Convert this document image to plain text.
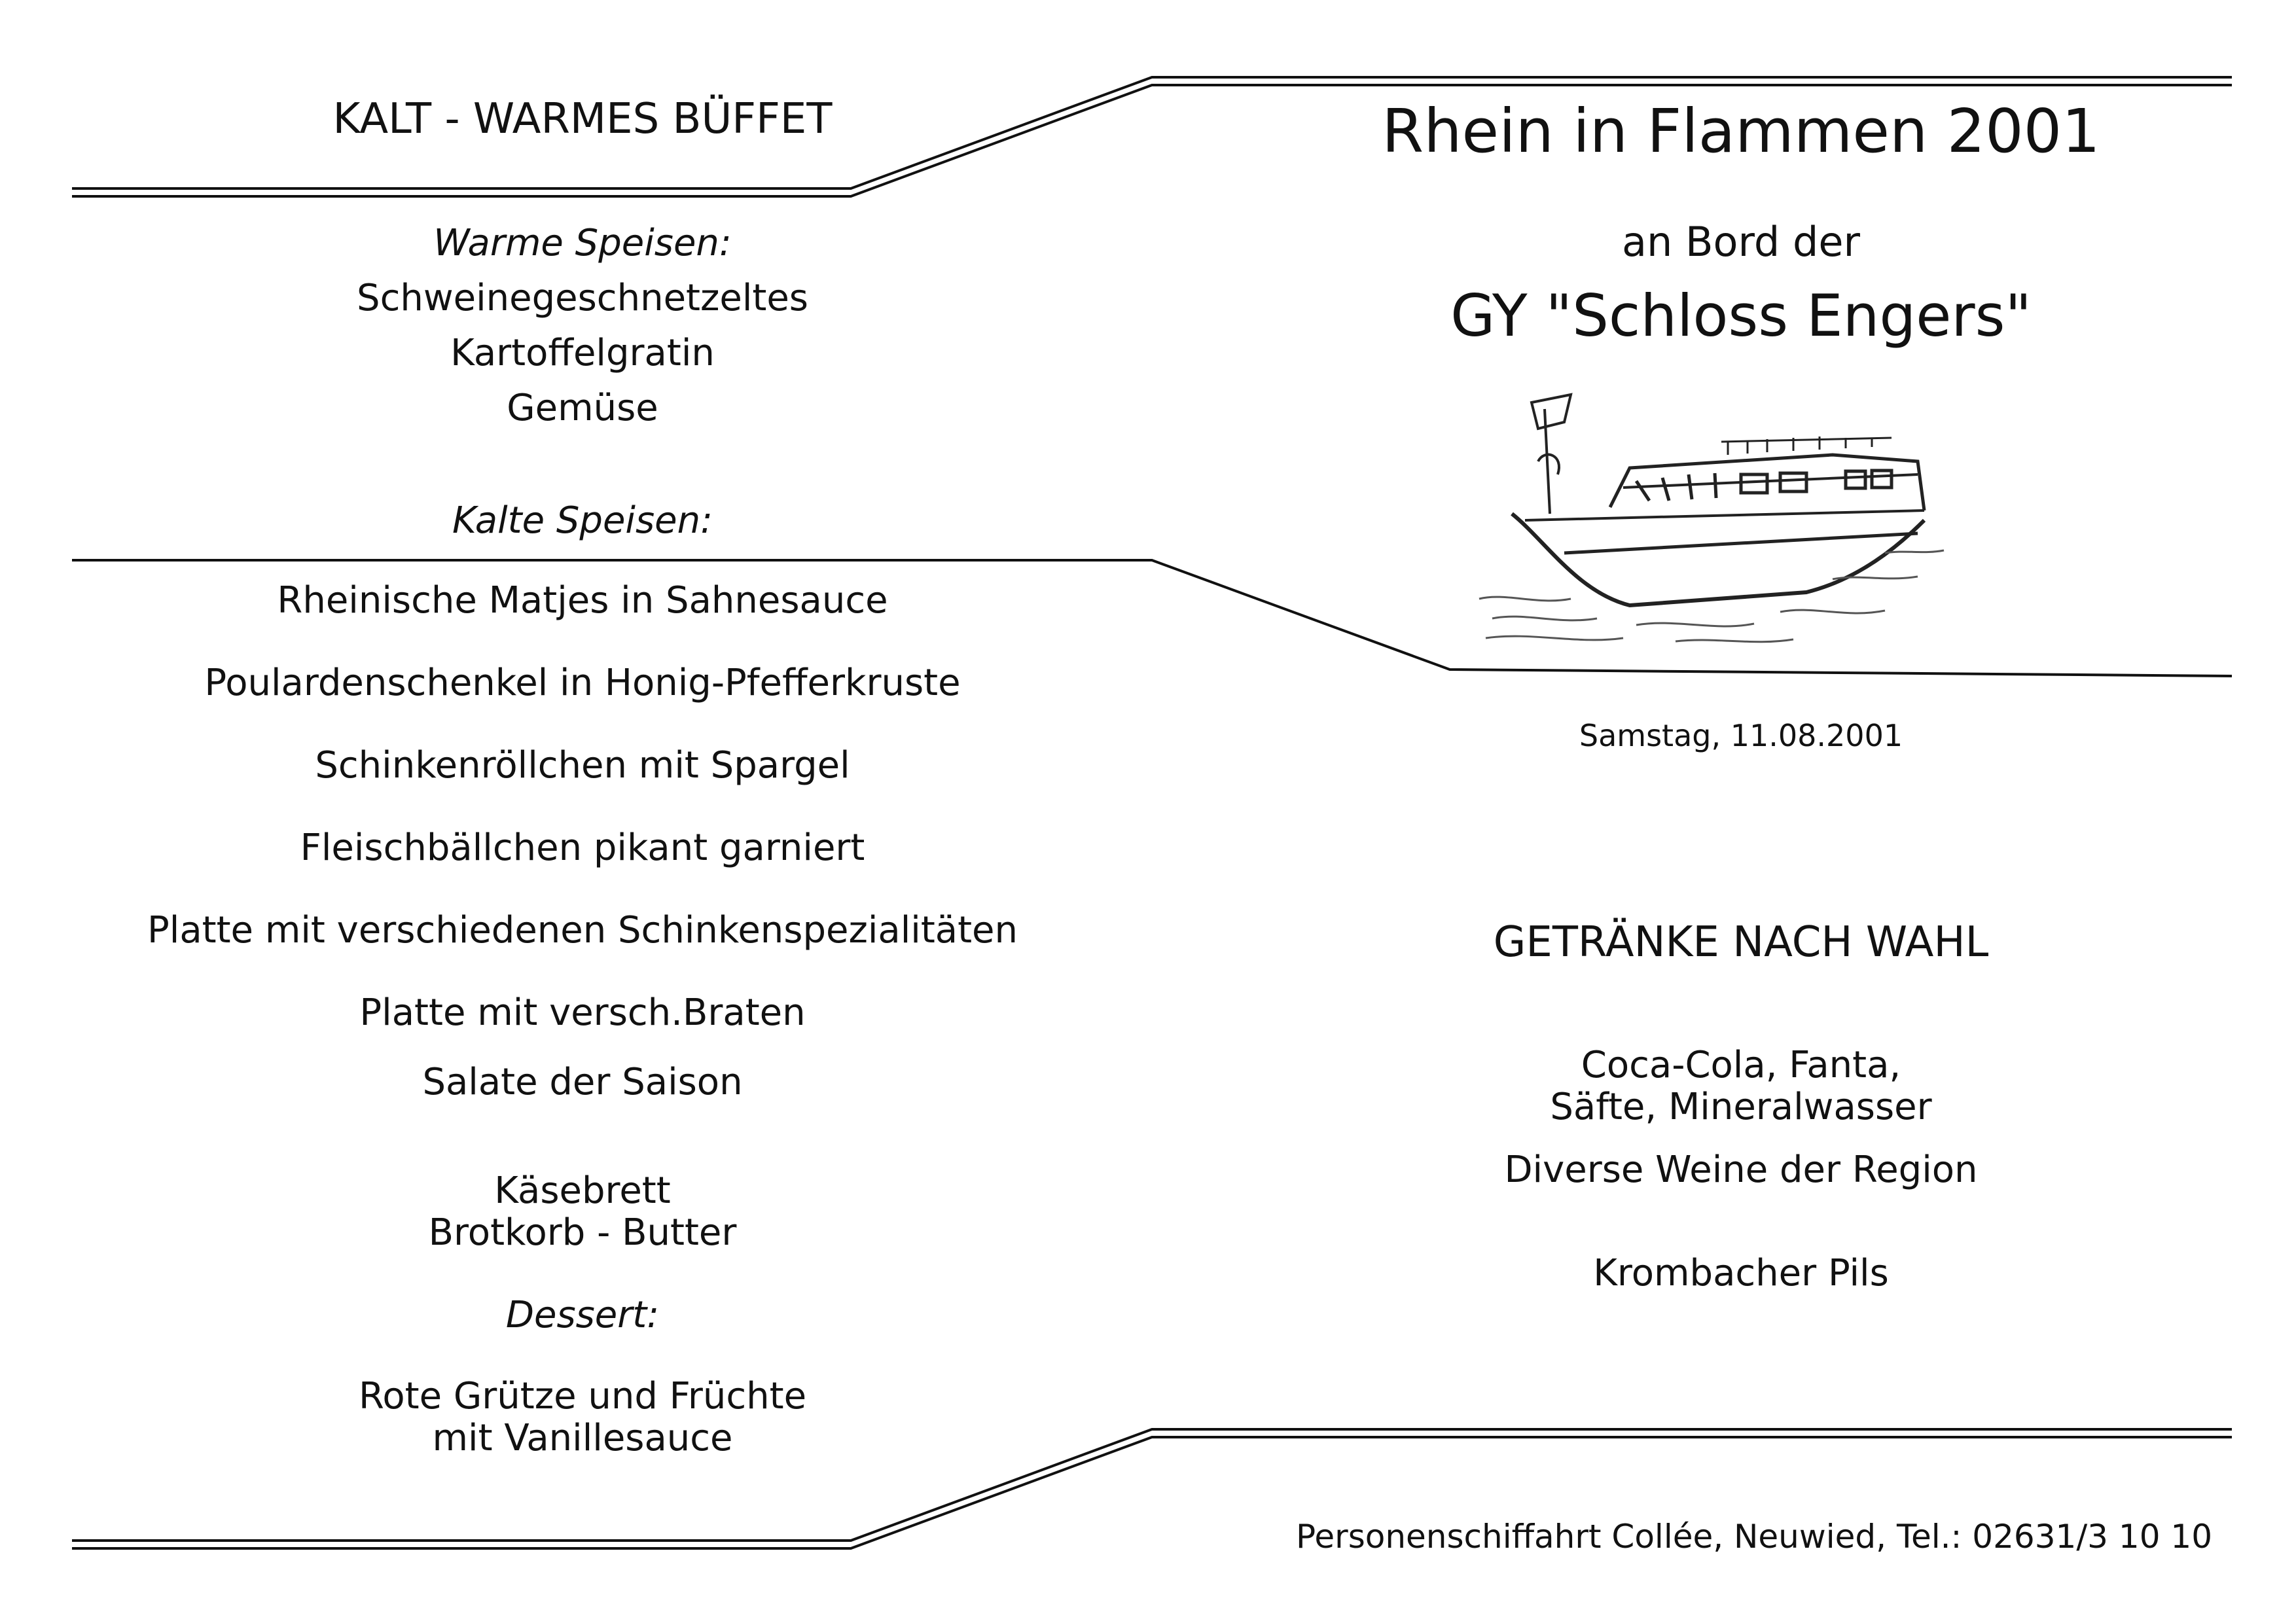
KALT - WARMES BÜFFET
Warme Speisen:
Schweinegeschnetzeltes
Kartoffelgratin
Gemüse
Kalte Speisen:
Rheinische Matjes in Sahnesauce
Poulardenschenkel in Honig-Pfefferkruste
Schinkenröllchen mit Spargel
Fleischbällchen pikant garniert
Platte mit verschiedenen Schinkenspezialitäten
Platte mit versch.Braten
Salate der Saison
Käsebrett
Brotkorb - Butter
Dessert:
Rote Grütze und Früchte
mit Vanillesauce
Rhein in Flammen 2001
an Bord der
GY "Schloss Engers"
Samstag, 11.08.2001
GETRÄNKE NACH WAHL
Coca-Cola, Fanta,
Säfte, Mineralwasser
Diverse Weine der Region
Krombacher Pils
Personenschiffahrt Collée, Neuwied, Tel.: 02631/3 10 10
